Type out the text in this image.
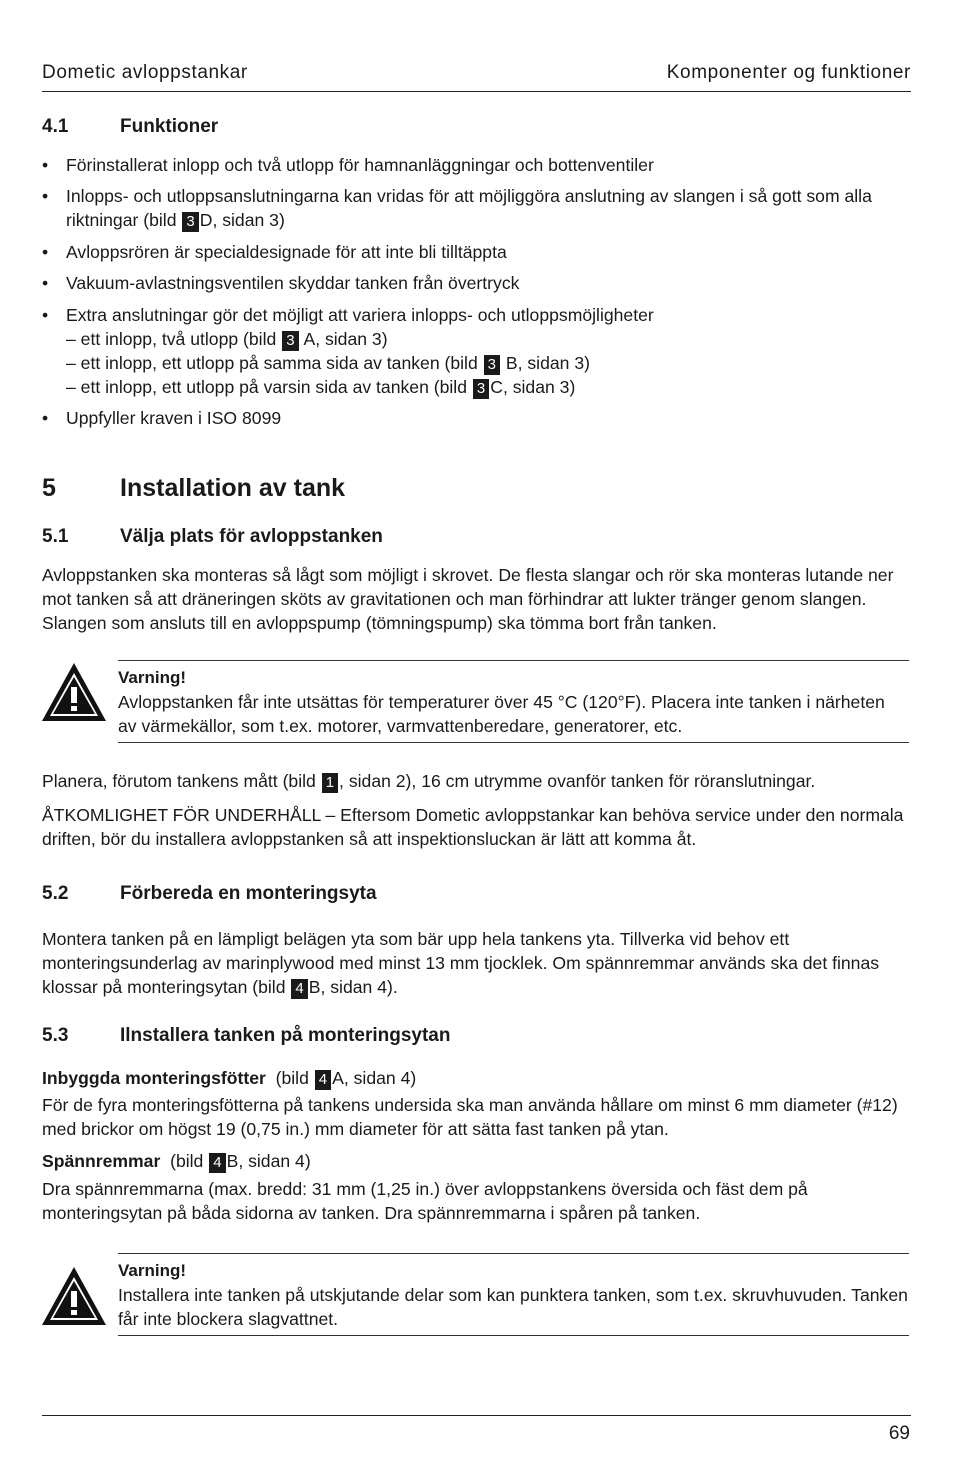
Dometic avloppstankar	Komponenter og funktioner
4.1	Funktioner
• Förinstallerat inlopp och två utlopp för hamnanläggningar och bottenventiler
• Inlopps- och utloppsanslutningarna kan vridas för att möjliggöra anslutning av slangen i så gott som alla riktningar (bild 3 D, sidan 3)
• Avloppsrören är specialdesignade för att inte bli tilltäppta
• Vakuum-avlastningsventilen skyddar tanken från övertryck
• Extra anslutningar gör det möjligt att variera inlopps- och utloppsmöjligheter
– ett inlopp, två utlopp (bild 3 A, sidan 3)
– ett inlopp, ett utlopp på samma sida av tanken (bild 3 B, sidan 3)
– ett inlopp, ett utlopp på varsin sida av tanken (bild 3 C, sidan 3)
• Uppfyller kraven i ISO 8099
5	Installation av tank
5.1	Välja plats för avloppstanken
Avloppstanken ska monteras så lågt som möjligt i skrovet. De flesta slangar och rör ska monteras lutande ner mot tanken så att dräneringen sköts av gravitationen och man förhindrar att lukter tränger genom slangen. Slangen som ansluts till en avloppspump (tömningspump) ska tömma bort från tanken.
Varning!
Avloppstanken får inte utsättas för temperaturer över 45 °C (120°F). Placera inte tanken i närheten av värmekällor, som t.ex. motorer, varmvattenberedare, generatorer, etc.
Planera, förutom tankens mått (bild 1 , sidan 2), 16 cm utrymme ovanför tanken för röranslutningar.
ÅTKOMLIGHET FÖR UNDERHÅLL – Eftersom Dometic avloppstankar kan behöva service under den normala driften, bör du installera avloppstanken så att inspektionsluckan är lätt att komma åt.
5.2	Förbereda en monteringsyta
Montera tanken på en lämpligt belägen yta som bär upp hela tankens yta. Tillverka vid behov ett monteringsunderlag av marinplywood med minst 13 mm tjocklek. Om spännremmar används ska det finnas klossar på monteringsytan (bild 4 B, sidan 4).
5.3	Ilnstallera tanken på monteringsytan
Inbyggda monteringsfötter (bild 4 A, sidan 4)
För de fyra monteringsfötterna på tankens undersida ska man använda hållare om minst 6 mm diameter (#12) med brickor om högst 19 (0,75 in.) mm diameter för att sätta fast tanken på ytan.
Spännremmar (bild 4 B, sidan 4)
Dra spännremmarna (max. bredd: 31 mm (1,25 in.) över avloppstankens översida och fäst dem på monteringsytan på båda sidorna av tanken. Dra spännremmarna i spåren på tanken.
Varning!
Installera inte tanken på utskjutande delar som kan punktera tanken, som t.ex. skruvhuvuden. Tanken får inte blockera slagvattnet.
69
